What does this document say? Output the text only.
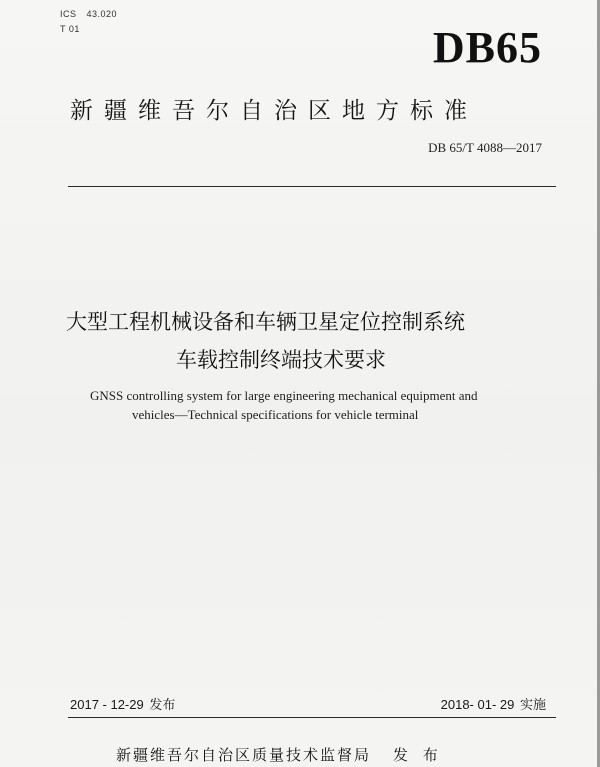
ICS 43.020
T 01	DB65
新疆维吾尔自治区地方标准
DB 65/T 4088—2017
大型工程机械设备和车辆卫星定位控制系统
车载控制终端技术要求
GNSS controlling system for large engineering mechanical equipment and
vehicles—Technical specifications for vehicle terminal
2017 - 12-29 发布	2018- 01- 29 实施
新疆维吾尔自治区质量技术监督局 发 布
